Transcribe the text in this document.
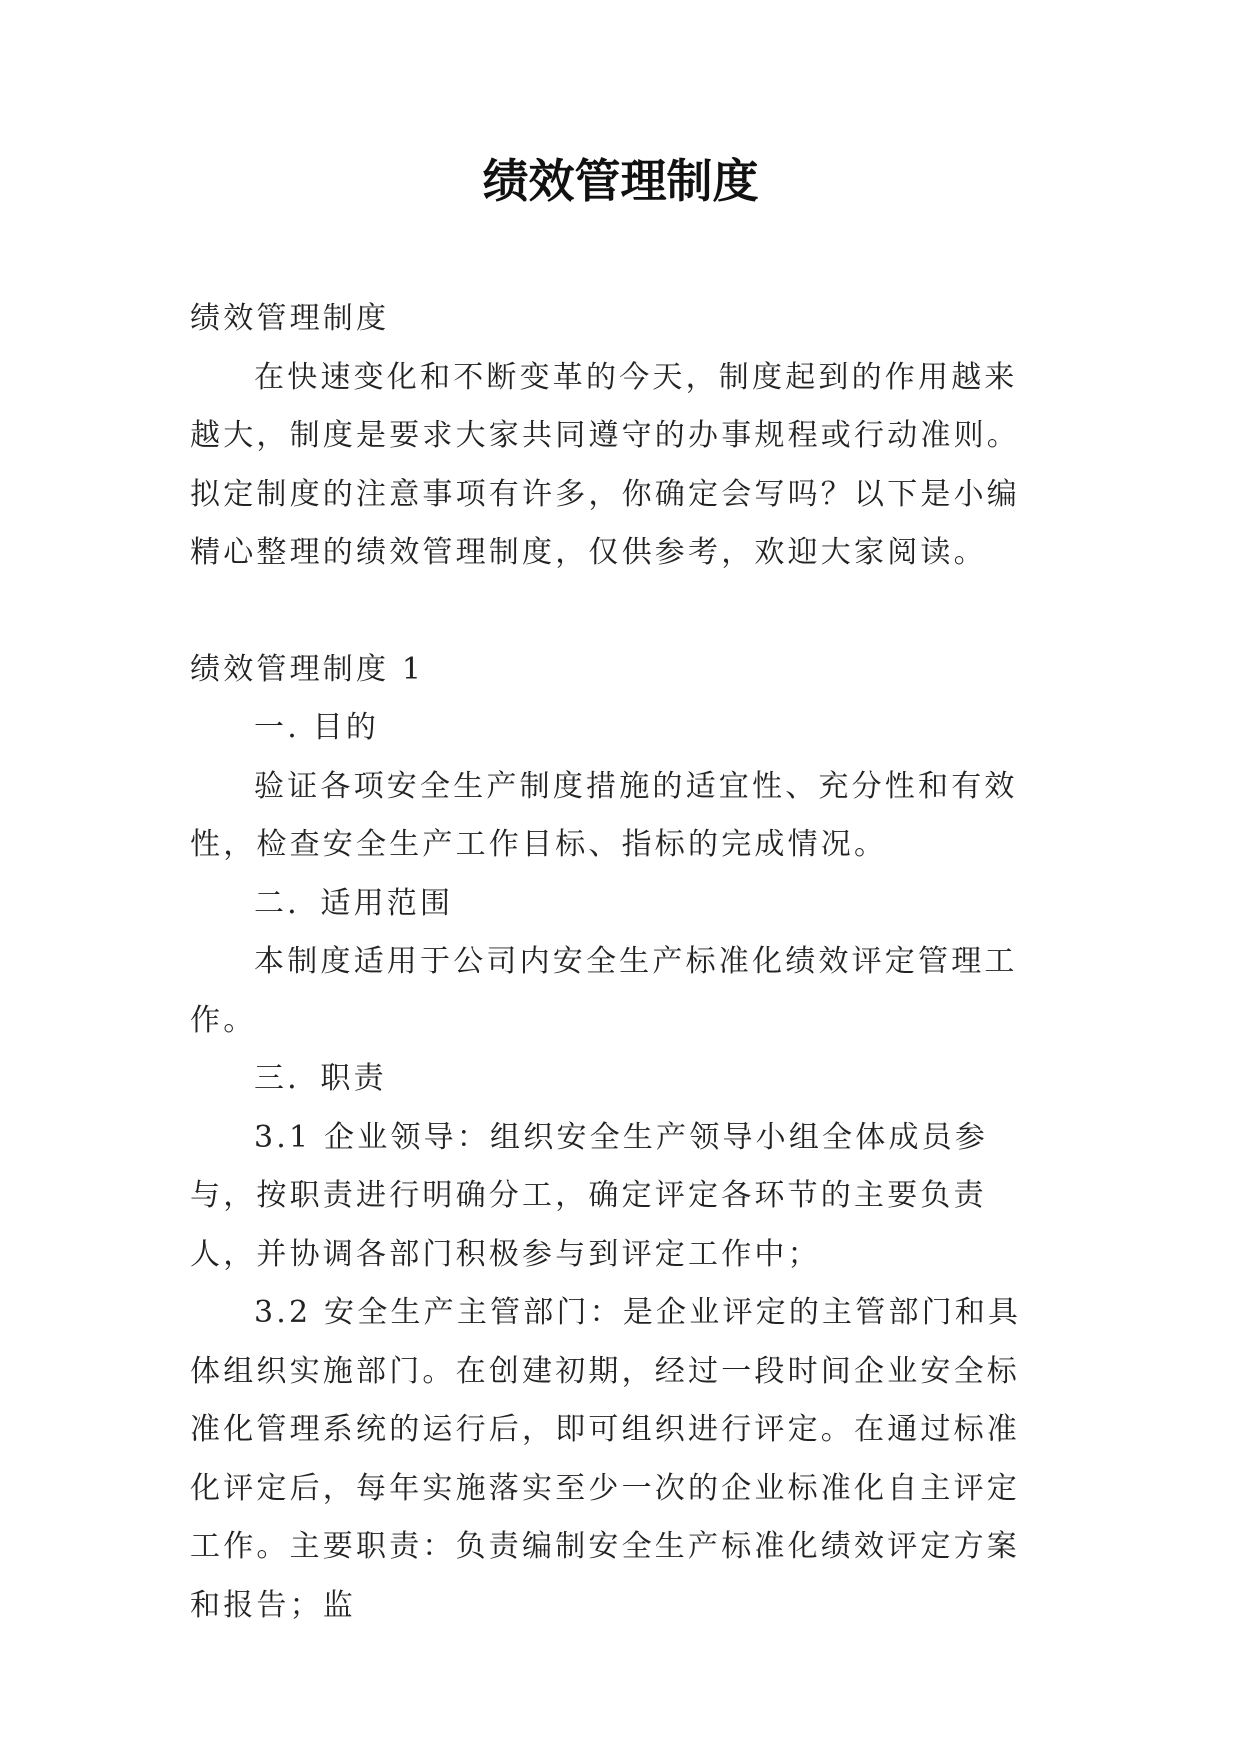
绩效管理制度

绩效管理制度

在快速变化和不断变革的今天，制度起到的作用越来越大，制度是要求大家共同遵守的办事规程或行动准则。拟定制度的注意事项有许多，你确定会写吗？以下是小编精心整理的绩效管理制度，仅供参考，欢迎大家阅读。

绩效管理制度 1

一. 目的

验证各项安全生产制度措施的适宜性、充分性和有效性，检查安全生产工作目标、指标的完成情况。

二．适用范围

本制度适用于公司内安全生产标准化绩效评定管理工作。

三．职责

3.1 企业领导：组织安全生产领导小组全体成员参与，按职责进行明确分工，确定评定各环节的主要负责人，并协调各部门积极参与到评定工作中；

3.2 安全生产主管部门：是企业评定的主管部门和具体组织实施部门。在创建初期，经过一段时间企业安全标准化管理系统的运行后，即可组织进行评定。在通过标准化评定后，每年实施落实至少一次的企业标准化自主评定工作。主要职责：负责编制安全生产标准化绩效评定方案和报告；监
